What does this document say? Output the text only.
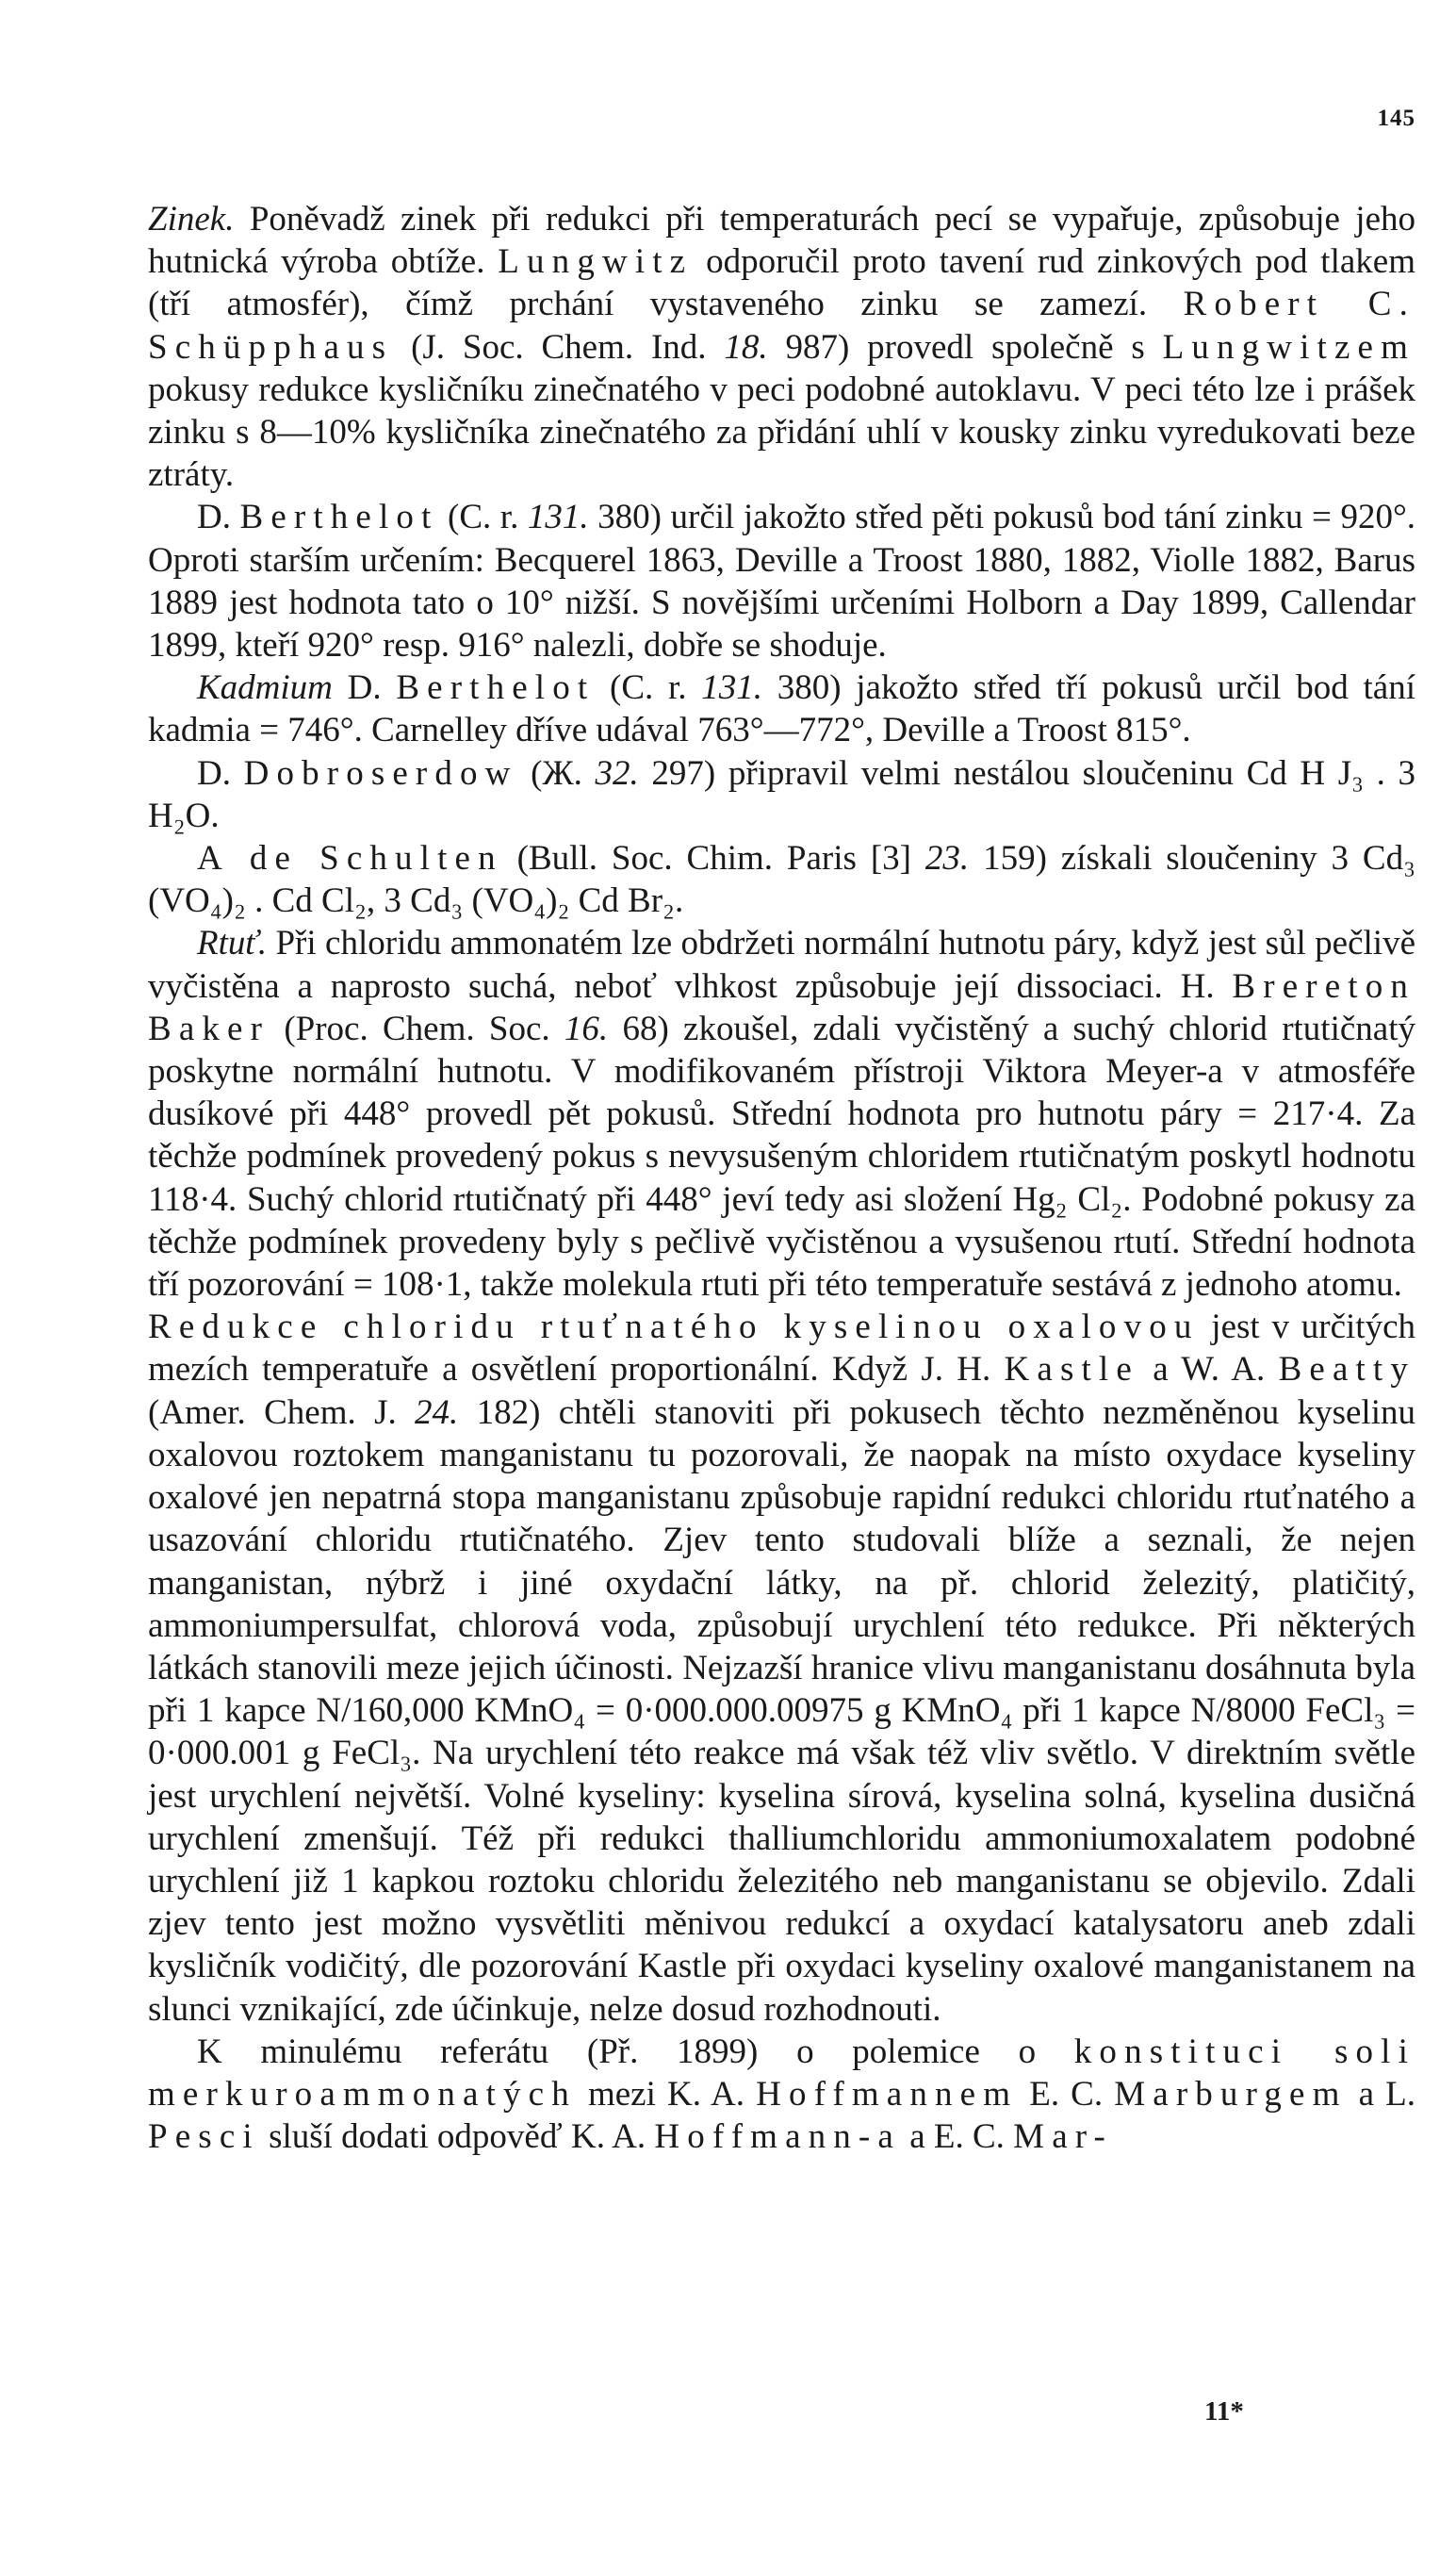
145

Zinek. Poněvadž zinek při redukci při temperaturách pecí se vypařuje, způsobuje jeho hutnická výroba obtíže. Lungwitz odporučil proto tavení rud zinkových pod tlakem (tří atmosfér), čímž prchání vystaveného zinku se zamezí. Robert C. Schüpphaus (J. Soc. Chem. Ind. 18. 987) provedl společně s Lungwitzem pokusy redukce kysličníku zinečnatého v peci podobné autoklavu. V peci této lze i prášek zinku s 8—10% kysličníka zinečnatého za přidání uhlí v kousky zinku vyredukovati beze ztráty.

D. Berthelot (C. r. 131. 380) určil jakožto střed pěti pokusů bod tání zinku = 920°. Oproti starším určením: Becquerel 1863, Deville a Troost 1880, 1882, Violle 1882, Barus 1889 jest hodnota tato o 10° nižší. S novějšími určeními Holborn a Day 1899, Callendar 1899, kteří 920° resp. 916° nalezli, dobře se shoduje.

Kadmium D. Berthelot (C. r. 131. 380) jakožto střed tří pokusů určil bod tání kadmia = 746°. Carnelley dříve udával 763°—772°, Deville a Troost 815°.

D. Dobroserdow (Ж. 32. 297) připravil velmi nestálou sloučeninu Cd H J₃ . 3 H₂O.

A de Schulten (Bull. Soc. Chim. Paris [3] 23. 159) získali sloučeniny 3 Cd₃ (VO₄)₂ . Cd Cl₂, 3 Cd₃ (VO₄)₂ Cd Br₂.

Rtuť. Při chloridu ammonatém lze obdržeti normální hutnotu páry, když jest sůl pečlivě vyčistěna a naprosto suchá, neboť vlhkost způsobuje její dissociaci. H. Brereton Baker (Proc. Chem. Soc. 16. 68) zkoušel, zdali vyčistěný a suchý chlorid rtutičnatý poskytne normální hutnotu. V modifikovaném přístroji Viktora Meyer-a v atmosféře dusíkové při 448° provedl pět pokusů. Střední hodnota pro hutnotu páry = 217·4. Za těchže podmínek provedený pokus s nevysušeným chloridem rtutičnatým poskytl hodnotu 118·4. Suchý chlorid rtutičnatý při 448° jeví tedy asi složení Hg₂ Cl₂. Podobné pokusy za těchže podmínek provedeny byly s pečlivě vyčistěnou a vysušenou rtutí. Střední hodnota tří pozorování = 108·1, takže molekula rtuti při této temperatuře sestává z jednoho atomu.

Redukce chloridu rtuťnatého kyselinou oxalovou jest v určitých mezích temperatuře a osvětlení proportionální. Když J. H. Kastle a W. A. Beatty (Amer. Chem. J. 24. 182) chtěli stanoviti při pokusech těchto nezměněnou kyselinu oxalovou roztokem manganistanu tu pozorovali, že naopak na místo oxydace kyseliny oxalové jen nepatrná stopa manganistanu způsobuje rapidní redukci chloridu rtuťnatého a usazování chloridu rtutičnatého. Zjev tento studovali blíže a seznali, že nejen manganistan, nýbrž i jiné oxydační látky, na př. chlorid železitý, platičitý, ammoniumpersulfat, chlorová voda, způsobují urychlení této redukce. Při některých látkách stanovili meze jejich účinosti. Nejzazší hranice vlivu manganistanu dosáhnuta byla při 1 kapce N/160,000 KMnO₄ = 0·000.000.00975 g KMnO₄ při 1 kapce N/8000 FeCl₃ = 0·000.001 g FeCl₃. Na urychlení této reakce má však též vliv světlo. V direktním světle jest urychlení největší. Volné kyseliny: kyselina sírová, kyselina solná, kyselina dusičná urychlení zmenšují. Též při redukci thalliumchloridu ammoniumoxalatem podobné urychlení již 1 kapkou roztoku chloridu železitého neb manganistanu se objevilo. Zdali zjev tento jest možno vysvětliti měnivou redukcí a oxydací katalysatoru aneb zdali kysličník vodičitý, dle pozorování Kastle při oxydaci kyseliny oxalové manganistanem na slunci vznikající, zde účinkuje, nelze dosud rozhodnouti.

K minulému referátu (Př. 1899) o polemice o konstituci soli merkuroammonatých mezi K. A. Hoffmannem E. C. Marburgem a L. Pesci sluší dodati odpověď K. A. Hoffmann-a a E. C. Mar-

11*
